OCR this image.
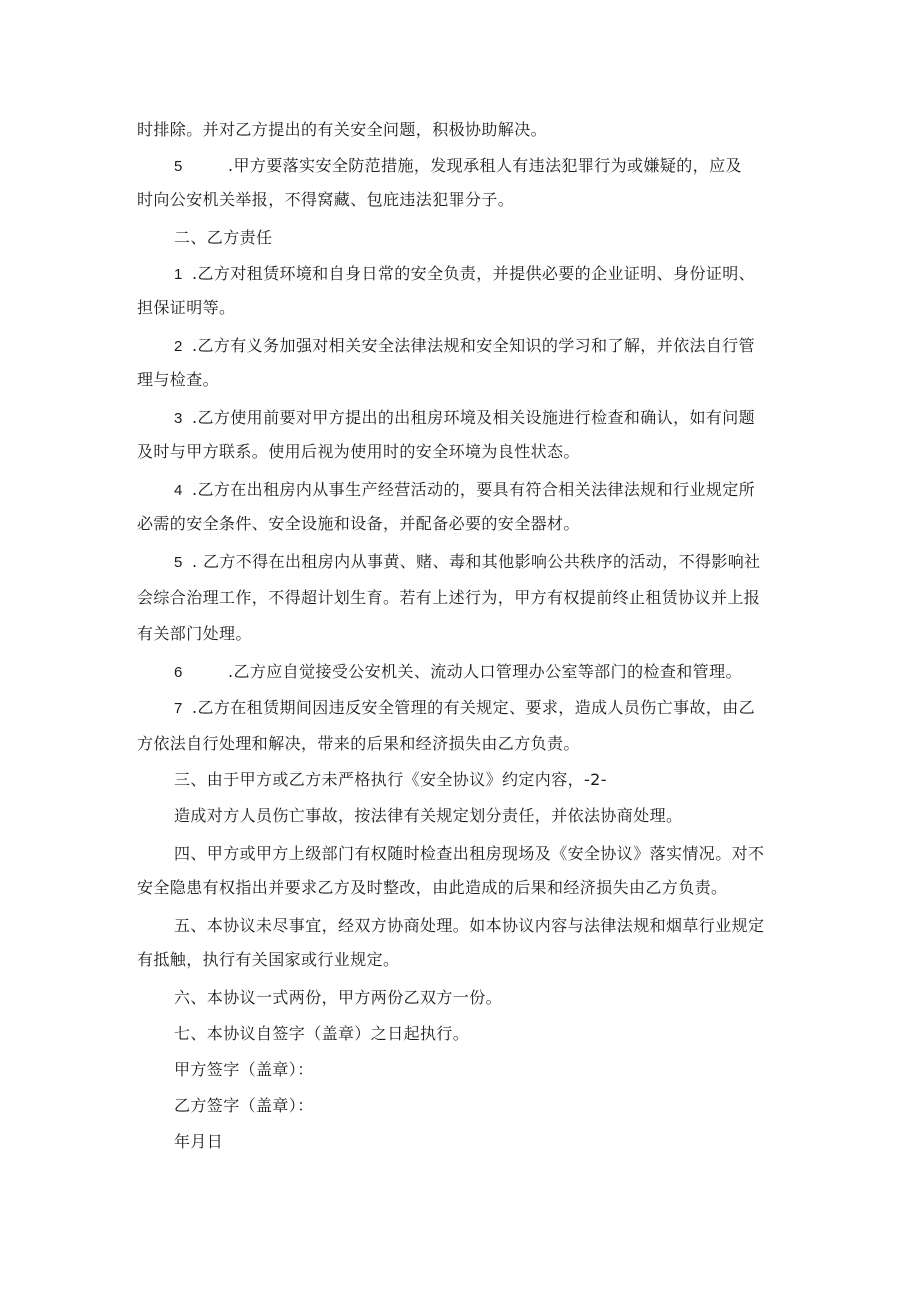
时排除。并对乙方提出的有关安全问题，积极协助解决。
5	.甲方要落实安全防范措施，发现承租人有违法犯罪行为或嫌疑的，应及
时向公安机关举报，不得窝藏、包庇违法犯罪分子。
二、乙方责任
1 .乙方对租赁环境和自身日常的安全负责，并提供必要的企业证明、身份证明、
担保证明等。
2 .乙方有义务加强对相关安全法律法规和安全知识的学习和了解，并依法自行管
理与检查。
3 .乙方使用前要对甲方提出的出租房环境及相关设施进行检查和确认，如有问题
及时与甲方联系。使用后视为使用时的安全环境为良性状态。
4 .乙方在出租房内从事生产经营活动的，要具有符合相关法律法规和行业规定所
必需的安全条件、安全设施和设备，并配备必要的安全器材。
5 . 乙方不得在出租房内从事黄、赌、毒和其他影响公共秩序的活动，不得影响社
会综合治理工作，不得超计划生育。若有上述行为，甲方有权提前终止租赁协议并上报
有关部门处理。
6	.乙方应自觉接受公安机关、流动人口管理办公室等部门的检查和管理。
7 .乙方在租赁期间因违反安全管理的有关规定、要求，造成人员伤亡事故，由乙
方依法自行处理和解决，带来的后果和经济损失由乙方负责。
三、由于甲方或乙方未严格执行《安全协议》约定内容，-2-
造成对方人员伤亡事故，按法律有关规定划分责任，并依法协商处理。
四、甲方或甲方上级部门有权随时检查出租房现场及《安全协议》落实情况。对不
安全隐患有权指出并要求乙方及时整改，由此造成的后果和经济损失由乙方负责。
五、本协议未尽事宜，经双方协商处理。如本协议内容与法律法规和烟草行业规定
有抵触，执行有关国家或行业规定。
六、本协议一式两份，甲方两份乙双方一份。
七、本协议自签字（盖章）之日起执行。
甲方签字（盖章）：
乙方签字（盖章）：
年月日
